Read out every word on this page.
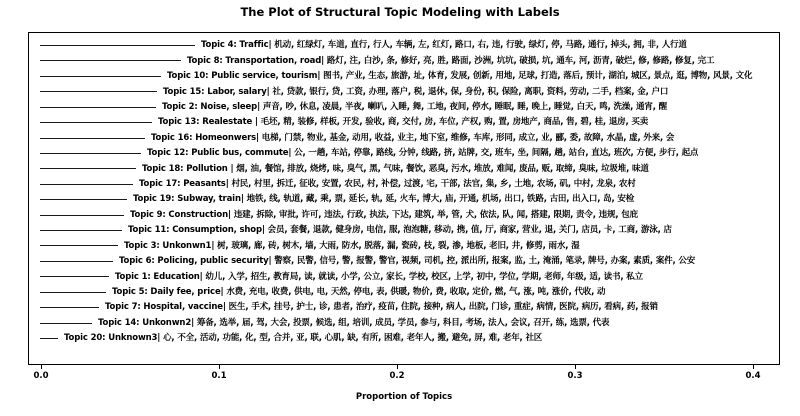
The Plot of Structural Topic Modeling with Labels
Topic 4: Traffic| 机动, 红绿灯, 车道, 直行, 行人, 车辆, 左, 红灯, 路口, 右, 违, 行驶, 绿灯, 停, 马路, 通行, 掉头, 拥, 非, 人行道
Topic 8: Transportation, road| 路灯, 注, 白沙, 条, 修好, 亮, 胜, 路面, 沙洲, 坑坑, 破损, 坑, 通车, 河, 沥青, 破烂, 修, 修路, 修复, 完工
Topic 10: Public service, tourism| 图书, 产业, 生态, 旅游, 址, 体育, 发展, 创新, 用地, 足球, 打造, 落后, 预计, 湖泊, 城区, 景点, 逛, 博物, 风景, 文化
Topic 15: Labor, salary| 社, 贷款, 银行, 贷, 工资, 办理, 落户, 税, 退休, 保, 身份, 积, 保险, 离职, 资料, 劳动, 二手, 档案, 金, 户口
Topic 2: Noise, sleep| 声音, 吵, 休息, 凌晨, 半夜, 喇叭, 入睡, 舞, 工地, 夜间, 停水, 睡眠, 睡, 晚上, 睡觉, 白天, 鸣, 洗澡, 通宵, 醒
Topic 13: Realestate | 毛坯, 精, 装修, 样板, 开发, 验收, 商, 交付, 房, 车位, 产权, 购, 置, 房地产, 商品, 售, 碧, 桂, 退房, 买卖
Topic 16: Homeonwers| 电梯, 门禁, 物业, 基金, 动用, 收益, 业主, 地下室, 维修, 车库, 形同, 成立, 业, 郦, 委, 故障, 水晶, 虚, 外来, 会
Topic 12: Public bus, commute| 公, 一趟, 车站, 停靠, 路线, 分钟, 线路, 挤, 站牌, 交, 班车, 坐, 间隔, 趟, 站台, 直达, 班次, 方便, 步行, 起点
Topic 18: Pollution | 烟, 油, 餐馆, 排放, 烧烤, 味, 臭气, 黑, 气味, 餐饮, 恶臭, 污水, 堆放, 难闻, 废品, 贩, 取缔, 臭味, 垃圾堆, 味道
Topic 17: Peasants| 村民, 村里, 拆迁, 征收, 安置, 农民, 村, 补偿, 过渡, 宅, 干部, 法官, 集, 乡, 土地, 农场, 矶, 中村, 龙泉, 农村
Topic 19: Subway, train| 地铁, 线, 轨道, 藏, 乘, 票, 延长, 轨, 延, 火车, 博大, 庙, 开通, 机场, 出口, 铁路, 古田, 出入口, 岛, 安检
Topic 9: Construction| 违建, 拆除, 审批, 许可, 违法, 行政, 执法, 下达, 建筑, 举, 管, 犬, 依法, 队, 闻, 搭建, 限期, 责令, 违规, 包庇
Topic 11: Consumption, shop| 会员, 套餐, 退款, 健身房, 电信, 服, 泡泡糖, 移动, 携, 值, 厅, 商家, 营业, 退, 关门, 店员, 卡, 工商, 游泳, 店
Topic 3: Unkonwn1| 树, 玻璃, 廊, 砖, 树木, 墙, 大雨, 防水, 脱落, 漏, 瓷砖, 枝, 裂, 渗, 地板, 老旧, 井, 修剪, 雨水, 湿
Topic 6: Policing, public security| 警察, 民警, 信号, 警, 报警, 警官, 视频, 司机, 控, 派出所, 报案, 监, 土, 淹涌, 笔录, 牌号, 办案, 素质, 案件, 公安
Topic 1: Education| 幼儿, 入学, 招生, 教育局, 读, 就读, 小学, 公立, 家长, 学校, 校区, 上学, 初中, 学位, 学期, 老师, 年级, 适, 读书, 私立
Topic 5: Daily fee, price| 水费, 充电, 收费, 供电, 电, 天然, 停电, 表, 供暖, 物价, 费, 收取, 定价, 燃, 气, 涨, 吨, 涨价, 代收, 动
Topic 7: Hospital, vaccine| 医生, 手术, 挂号, 护士, 诊, 患者, 治疗, 疫苗, 住院, 接种, 病人, 出院, 门诊, 重症, 病情, 医院, 病历, 看病, 药, 报销
Topic 14: Unkonwn2| 筹备, 选举, 届, 驾, 大会, 投票, 候选, 组, 培训, 成员, 学员, 参与, 科目, 考场, 法人, 会议, 召开, 练, 选票, 代表
Topic 20: Unknown3| 心, 不全, 活动, 功能, 化, 型, 合并, 亚, 联, 心肌, 缺, 有所, 困难, 老年人, 搬, 避免, 屏, 难, 老年, 社区
0.0	0.1	0.2	0.3	0.4
Proportion of Topics
